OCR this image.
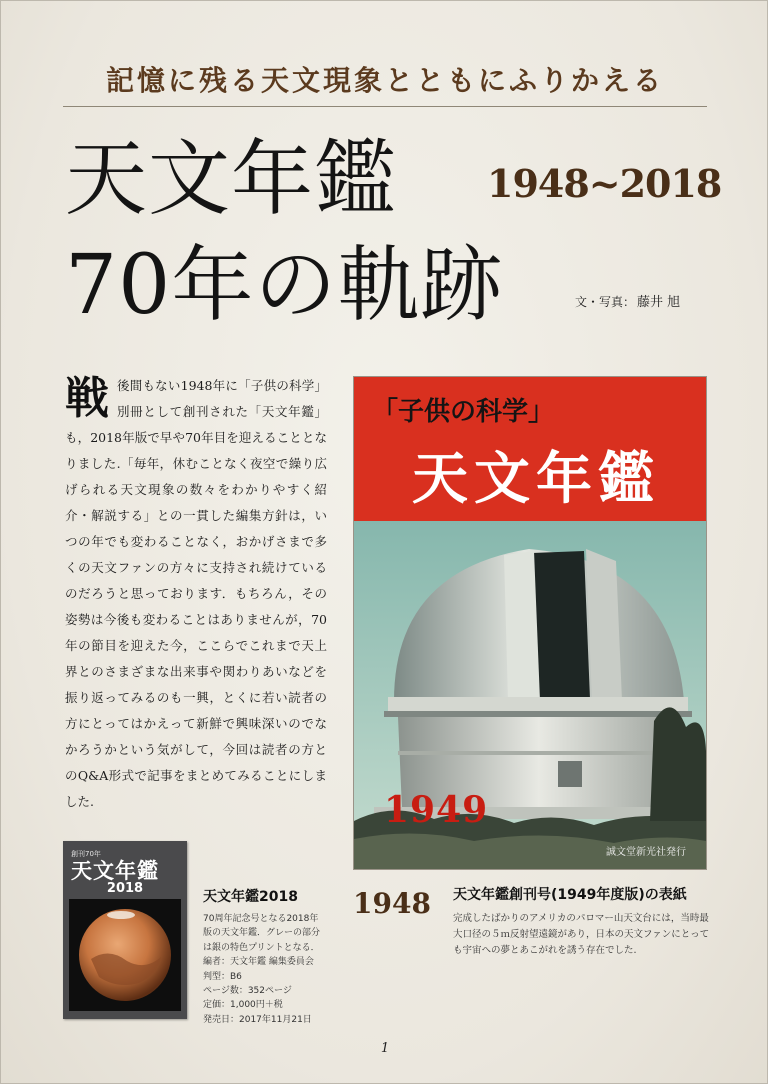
記憶に残る天文現象とともにふりかえる
天文年鑑
70年の軌跡
1948~2018
文・写真： 藤井 旭
戦後間もない1948年に「子供の科学」別冊として創刊された「天文年鑑」も，2018年版で早や70年目を迎えることとなりました.「毎年，休むことなく夜空で繰り広げられる天文現象の数々をわかりやすく紹介・解説する」との一貫した編集方針は，いつの年でも変わることなく，おかげさまで多くの天文ファンの方々に支持され続けているのだろうと思っております．もちろん，その姿勢は今後も変わることはありませんが，70年の節目を迎えた今，ここらでこれまで天上界とのさまざまな出来事や関わりあいなどを振り返ってみるのも一興，とくに若い読者の方にとってはかえって新鮮で興味深いのでなかろうかという気がして，今回は読者の方とのQ&A形式で記事をまとめてみることにしました.
「子供の科学」
天文年鑑
1949
誠文堂新光社発行
1948 天文年鑑創刊号(1949年度版)の表紙
完成したばかりのアメリカのパロマー山天文台には，当時最大口径の５ｍ反射望遠鏡があり，日本の天文ファンにとっても宇宙への夢とあこがれを誘う存在でした.
創刊70年
天文年鑑
2018
天文年鑑2018
70周年記念号となる2018年
版の天文年鑑．グレーの部分
は銀の特色プリントとなる．
編者：天文年鑑 編集委員会
判型：B6
ページ数：352ページ
定価：1,000円＋税
発売日：2017年11月21日
1
